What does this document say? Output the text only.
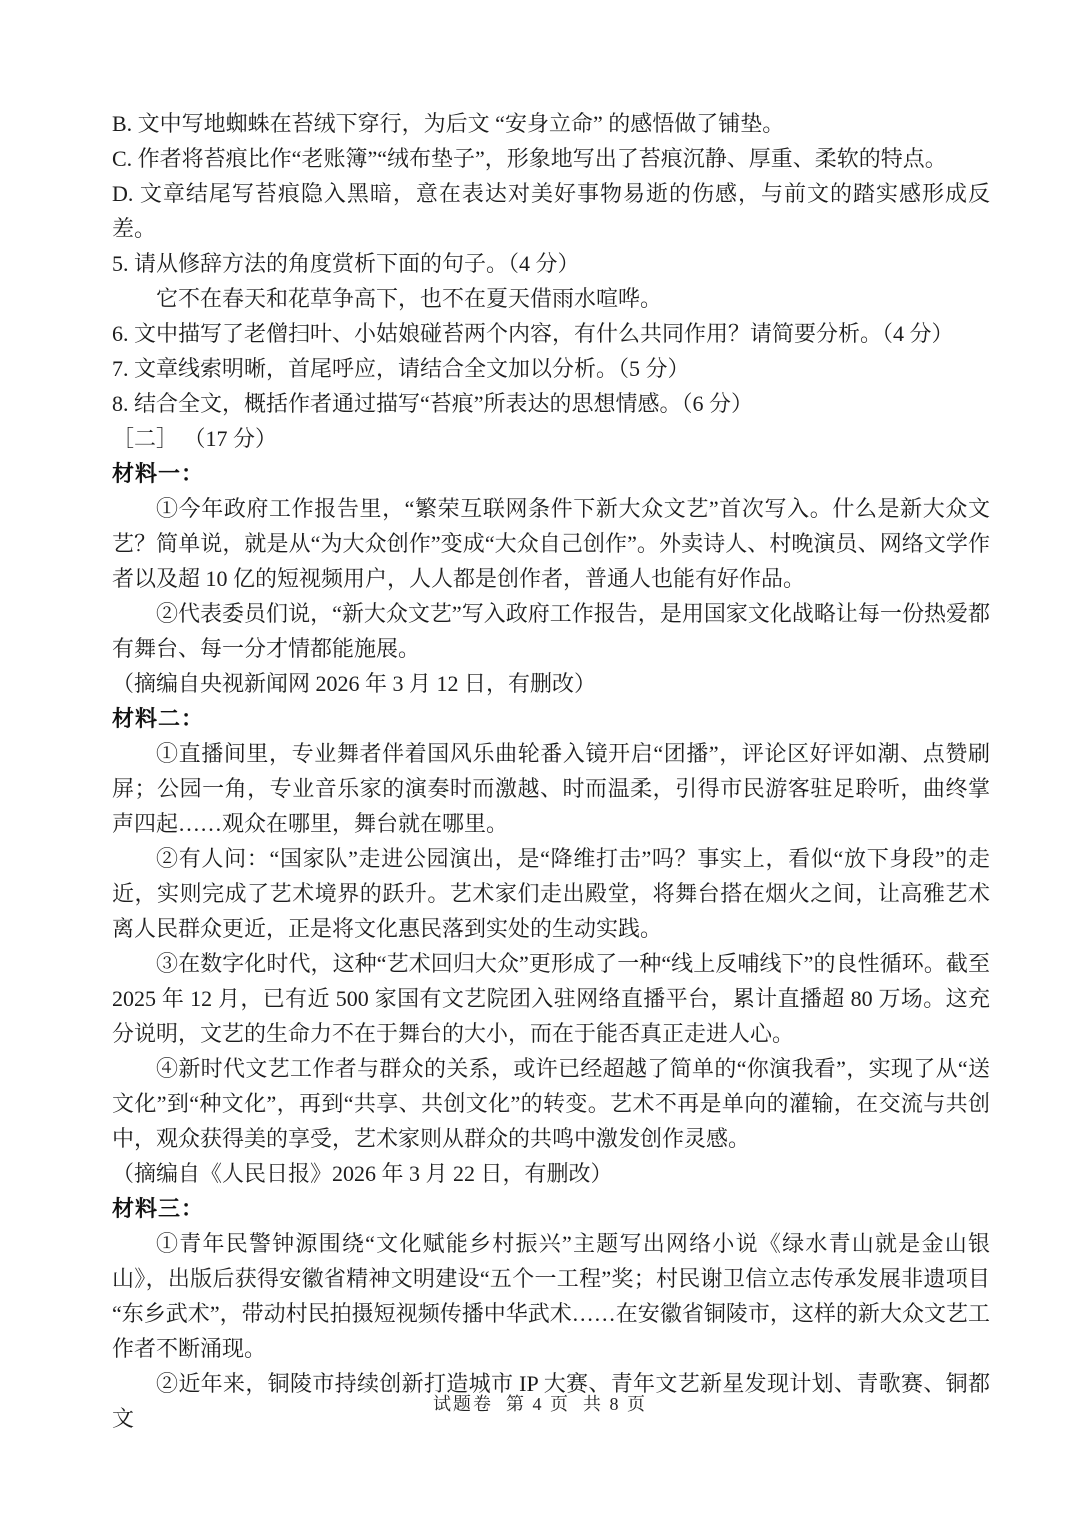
B. 文中写地蜘蛛在苔绒下穿行，为后文 “安身立命” 的感悟做了铺垫。

C. 作者将苔痕比作“老账簿”“绒布垫子”，形象地写出了苔痕沉静、厚重、柔软的特点。

D. 文章结尾写苔痕隐入黑暗，意在表达对美好事物易逝的伤感，与前文的踏实感形成反差。

5. 请从修辞方法的角度赏析下面的句子。（4 分）

它不在春天和花草争高下，也不在夏天借雨水喧哗。

6. 文中描写了老僧扫叶、小姑娘碰苔两个内容，有什么共同作用？请简要分析。（4 分）

7. 文章线索明晰，首尾呼应，请结合全文加以分析。（5 分）

8. 结合全文，概括作者通过描写“苔痕”所表达的思想情感。（6 分）

［二］ （17 分）

材料一：

①今年政府工作报告里，“繁荣互联网条件下新大众文艺”首次写入。什么是新大众文艺？简单说，就是从“为大众创作”变成“大众自己创作”。外卖诗人、村晚演员、网络文学作者以及超 10 亿的短视频用户，人人都是创作者，普通人也能有好作品。

②代表委员们说，“新大众文艺”写入政府工作报告，是用国家文化战略让每一份热爱都有舞台、每一分才情都能施展。

（摘编自央视新闻网 2026 年 3 月 12 日，有删改）

材料二：

①直播间里，专业舞者伴着国风乐曲轮番入镜开启“团播”，评论区好评如潮、点赞刷屏；公园一角，专业音乐家的演奏时而激越、时而温柔，引得市民游客驻足聆听，曲终掌声四起……观众在哪里，舞台就在哪里。

②有人问：“国家队”走进公园演出，是“降维打击”吗？事实上，看似“放下身段”的走近，实则完成了艺术境界的跃升。艺术家们走出殿堂，将舞台搭在烟火之间，让高雅艺术离人民群众更近，正是将文化惠民落到实处的生动实践。

③在数字化时代，这种“艺术回归大众”更形成了一种“线上反哺线下”的良性循环。截至 2025 年 12 月，已有近 500 家国有文艺院团入驻网络直播平台，累计直播超 80 万场。这充分说明，文艺的生命力不在于舞台的大小，而在于能否真正走进人心。

④新时代文艺工作者与群众的关系，或许已经超越了简单的“你演我看”，实现了从“送文化”到“种文化”，再到“共享、共创文化”的转变。艺术不再是单向的灌输，在交流与共创中，观众获得美的享受，艺术家则从群众的共鸣中激发创作灵感。

（摘编自《人民日报》2026 年 3 月 22 日，有删改）

材料三：

①青年民警钟源围绕“文化赋能乡村振兴”主题写出网络小说《绿水青山就是金山银山》，出版后获得安徽省精神文明建设“五个一工程”奖；村民谢卫信立志传承发展非遗项目“东乡武术”，带动村民拍摄短视频传播中华武术……在安徽省铜陵市，这样的新大众文艺工作者不断涌现。

②近年来，铜陵市持续创新打造城市 IP 大赛、青年文艺新星发现计划、青歌赛、铜都文

试题卷  第 4 页  共 8 页
